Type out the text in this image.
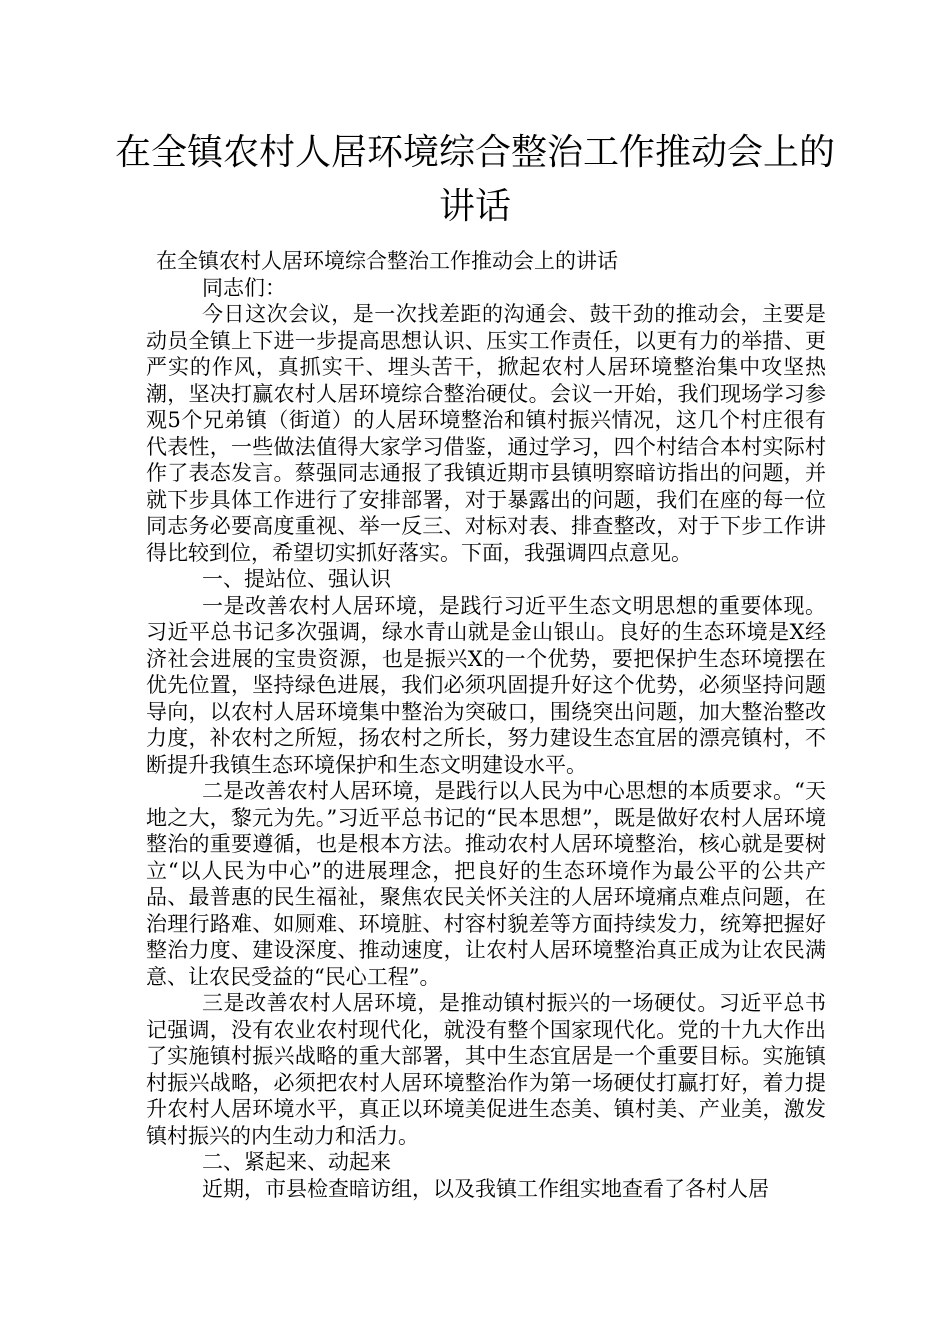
在全镇农村人居环境综合整治工作推动会上的讲话

在全镇农村人居环境综合整治工作推动会上的讲话

同志们：

今日这次会议，是一次找差距的沟通会、鼓干劲的推动会，主要是动员全镇上下进一步提高思想认识、压实工作责任，以更有力的举措、更严实的作风，真抓实干、埋头苦干，掀起农村人居环境整治集中攻坚热潮，坚决打赢农村人居环境综合整治硬仗。会议一开始，我们现场学习参观5个兄弟镇（街道）的人居环境整治和镇村振兴情况，这几个村庄很有代表性，一些做法值得大家学习借鉴，通过学习，四个村结合本村实际村作了表态发言。蔡强同志通报了我镇近期市县镇明察暗访指出的问题，并就下步具体工作进行了安排部署，对于暴露出的问题，我们在座的每一位同志务必要高度重视、举一反三、对标对表、排查整改，对于下步工作讲得比较到位，希望切实抓好落实。下面，我强调四点意见。

一、提站位、强认识

一是改善农村人居环境，是践行习近平生态文明思想的重要体现。习近平总书记多次强调，绿水青山就是金山银山。良好的生态环境是X经济社会进展的宝贵资源，也是振兴X的一个优势，要把保护生态环境摆在优先位置，坚持绿色进展，我们必须巩固提升好这个优势，必须坚持问题导向，以农村人居环境集中整治为突破口，围绕突出问题，加大整治整改力度，补农村之所短，扬农村之所长，努力建设生态宜居的漂亮镇村，不断提升我镇生态环境保护和生态文明建设水平。

二是改善农村人居环境，是践行以人民为中心思想的本质要求。“天地之大，黎元为先。”习近平总书记的“民本思想”，既是做好农村人居环境整治的重要遵循，也是根本方法。推动农村人居环境整治，核心就是要树立“以人民为中心”的进展理念，把良好的生态环境作为最公平的公共产品、最普惠的民生福祉，聚焦农民关怀关注的人居环境痛点难点问题，在治理行路难、如厕难、环境脏、村容村貌差等方面持续发力，统筹把握好整治力度、建设深度、推动速度，让农村人居环境整治真正成为让农民满意、让农民受益的“民心工程”。

三是改善农村人居环境，是推动镇村振兴的一场硬仗。习近平总书记强调，没有农业农村现代化，就没有整个国家现代化。党的十九大作出了实施镇村振兴战略的重大部署，其中生态宜居是一个重要目标。实施镇村振兴战略，必须把农村人居环境整治作为第一场硬仗打赢打好，着力提升农村人居环境水平，真正以环境美促进生态美、镇村美、产业美，激发镇村振兴的内生动力和活力。

二、紧起来、动起来

近期，市县检查暗访组，以及我镇工作组实地查看了各村人居
